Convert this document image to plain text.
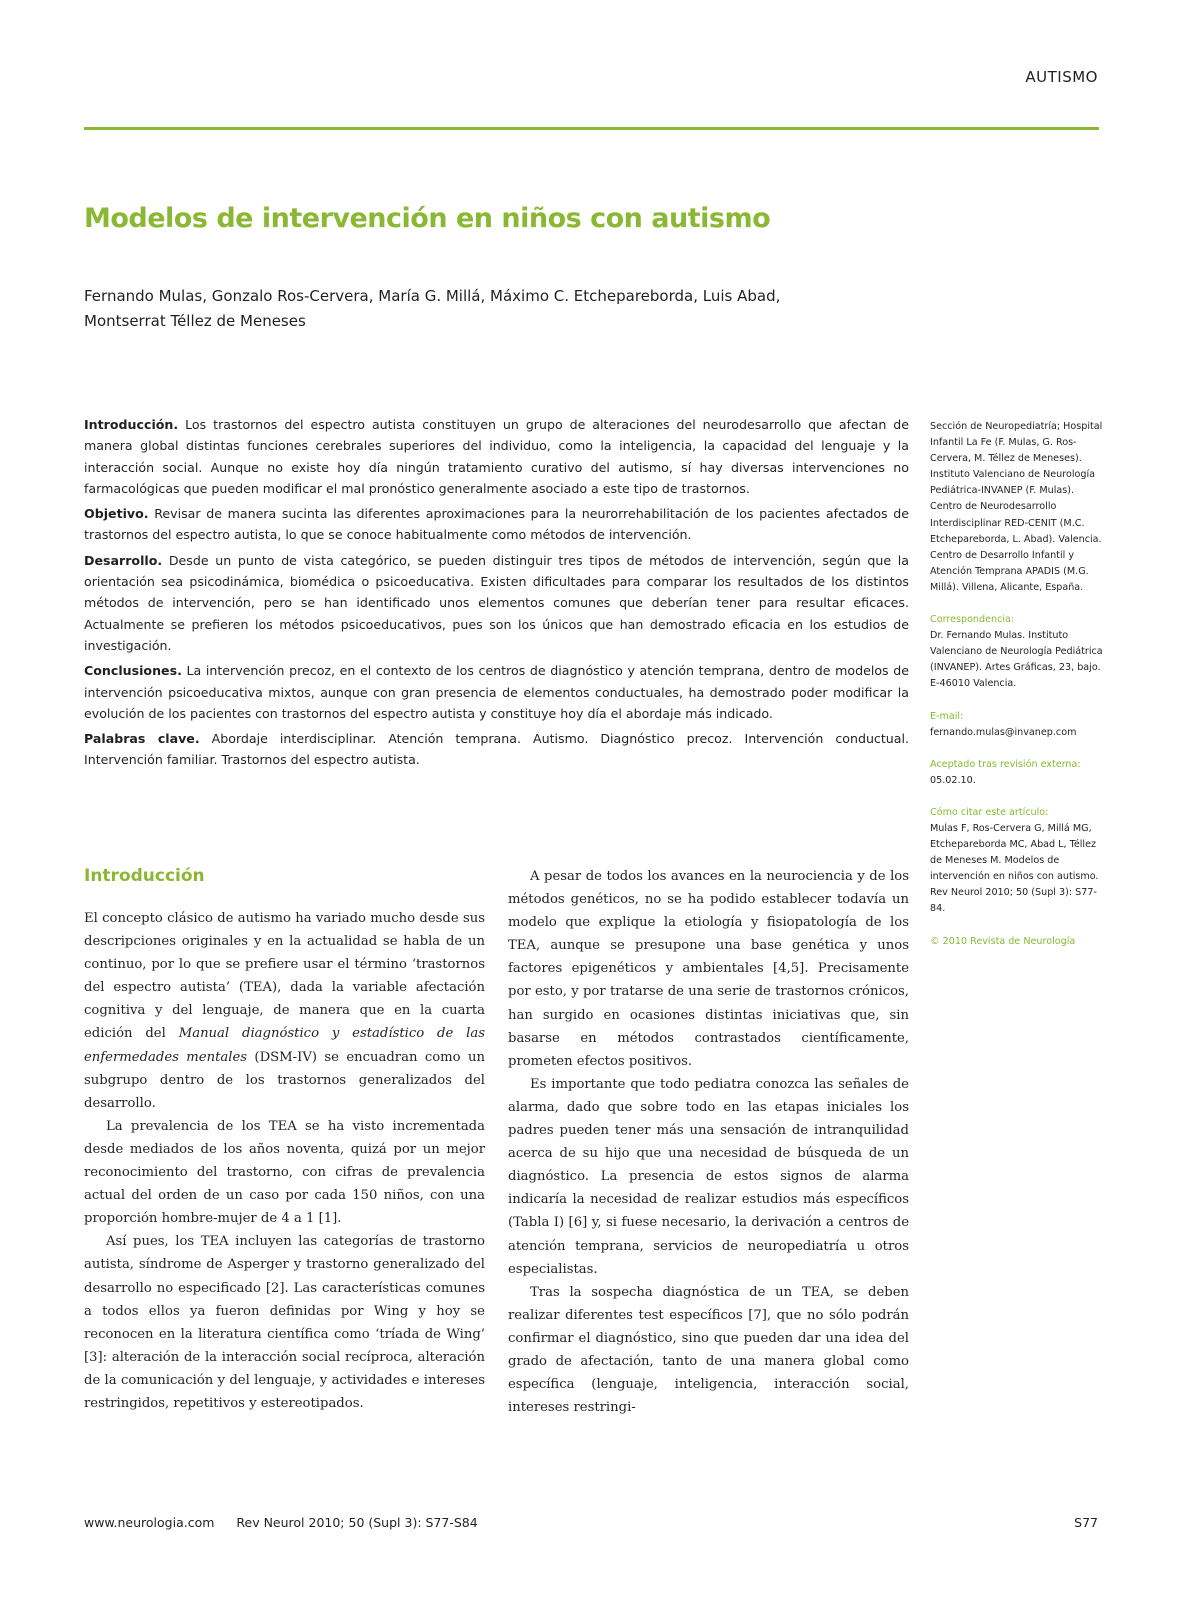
AUTISMO
Modelos de intervención en niños con autismo
Fernando Mulas, Gonzalo Ros-Cervera, María G. Millá, Máximo C. Etchepareborda, Luis Abad,
Montserrat Téllez de Meneses

Introducción. Los trastornos del espectro autista constituyen un grupo de alteraciones del neurodesarrollo que afectan de manera global distintas funciones cerebrales superiores del individuo, como la inteligencia, la capacidad del lenguaje y la interacción social. Aunque no existe hoy día ningún tratamiento curativo del autismo, sí hay diversas intervenciones no farmacológicas que pueden modificar el mal pronóstico generalmente asociado a este tipo de trastornos.

Objetivo. Revisar de manera sucinta las diferentes aproximaciones para la neurorrehabilitación de los pacientes afectados de trastornos del espectro autista, lo que se conoce habitualmente como métodos de intervención.

Desarrollo. Desde un punto de vista categórico, se pueden distinguir tres tipos de métodos de intervención, según que la orientación sea psicodinámica, biomédica o psicoeducativa. Existen dificultades para comparar los resultados de los distintos métodos de intervención, pero se han identificado unos elementos comunes que deberían tener para resultar eficaces. Actualmente se prefieren los métodos psicoeducativos, pues son los únicos que han demostrado eficacia en los estudios de investigación.

Conclusiones. La intervención precoz, en el contexto de los centros de diagnóstico y atención temprana, dentro de modelos de intervención psicoeducativa mixtos, aunque con gran presencia de elementos conductuales, ha demostrado poder modificar la evolución de los pacientes con trastornos del espectro autista y constituye hoy día el abordaje más indicado.

Palabras clave. Abordaje interdisciplinar. Atención temprana. Autismo. Diagnóstico precoz. Intervención conductual. Intervención familiar. Trastornos del espectro autista.

Sección de Neuropediatría; Hospital Infantil La Fe (F. Mulas, G. Ros-Cervera, M. Téllez de Meneses). Instituto Valenciano de Neurología Pediátrica-INVANEP (F. Mulas). Centro de Neurodesarrollo Interdisciplinar RED-CENIT (M.C. Etchepareborda, L. Abad). Valencia. Centro de Desarrollo Infantil y Atención Temprana APADIS (M.G. Millá). Villena, Alicante, España.

Correspondencia:
Dr. Fernando Mulas. Instituto Valenciano de Neurología Pediátrica (INVANEP). Artes Gráficas, 23, bajo. E-46010 Valencia.

E-mail:
fernando.mulas@invanep.com

Aceptado tras revisión externa:
05.02.10.

Cómo citar este artículo:
Mulas F, Ros-Cervera G, Millá MG, Etchepareborda MC, Abad L, Téllez de Meneses M. Modelos de intervención en niños con autismo. Rev Neurol 2010; 50 (Supl 3): S77-84.

© 2010 Revista de Neurología

Introducción

El concepto clásico de autismo ha variado mucho desde sus descripciones originales y en la actualidad se habla de un continuo, por lo que se prefiere usar el término ‘trastornos del espectro autista’ (TEA), dada la variable afectación cognitiva y del lenguaje, de manera que en la cuarta edición del Manual diagnóstico y estadístico de las enfermedades mentales (DSM-IV) se encuadran como un subgrupo dentro de los trastornos generalizados del desarrollo.

La prevalencia de los TEA se ha visto incrementada desde mediados de los años noventa, quizá por un mejor reconocimiento del trastorno, con cifras de prevalencia actual del orden de un caso por cada 150 niños, con una proporción hombre-mujer de 4 a 1 [1].

Así pues, los TEA incluyen las categorías de trastorno autista, síndrome de Asperger y trastorno generalizado del desarrollo no especificado [2]. Las características comunes a todos ellos ya fueron definidas por Wing y hoy se reconocen en la literatura científica como ‘tríada de Wing’ [3]: alteración de la interacción social recíproca, alteración de la comunicación y del lenguaje, y actividades e intereses restringidos, repetitivos y estereotipados.

A pesar de todos los avances en la neurociencia y de los métodos genéticos, no se ha podido establecer todavía un modelo que explique la etiología y fisiopatología de los TEA, aunque se presupone una base genética y unos factores epigenéticos y ambientales [4,5]. Precisamente por esto, y por tratarse de una serie de trastornos crónicos, han surgido en ocasiones distintas iniciativas que, sin basarse en métodos contrastados científicamente, prometen efectos positivos.

Es importante que todo pediatra conozca las señales de alarma, dado que sobre todo en las etapas iniciales los padres pueden tener más una sensación de intranquilidad acerca de su hijo que una necesidad de búsqueda de un diagnóstico. La presencia de estos signos de alarma indicaría la necesidad de realizar estudios más específicos (Tabla I) [6] y, si fuese necesario, la derivación a centros de atención temprana, servicios de neuropediatría u otros especialistas.

Tras la sospecha diagnóstica de un TEA, se deben realizar diferentes test específicos [7], que no sólo podrán confirmar el diagnóstico, sino que pueden dar una idea del grado de afectación, tanto de una manera global como específica (lenguaje, inteligencia, interacción social, intereses restringi-

www.neurologia.com Rev Neurol 2010; 50 (Supl 3): S77-S84	S77
